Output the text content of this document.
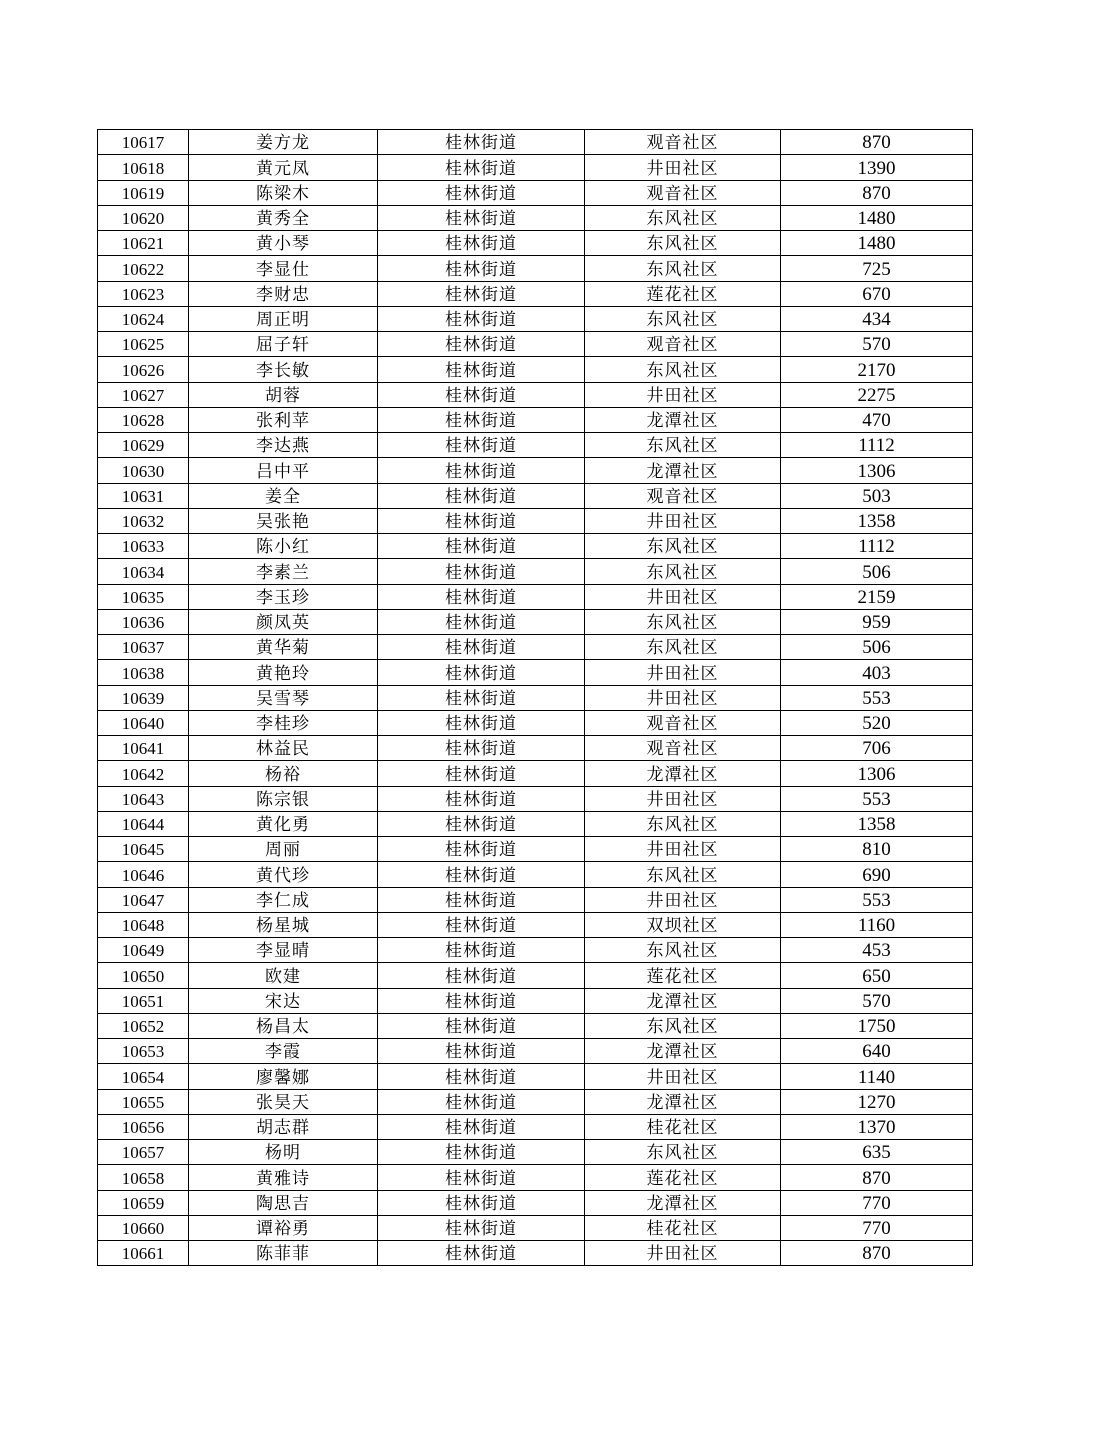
10617	姜方龙	桂林街道	观音社区	870
10618	黄元凤	桂林街道	井田社区	1390
10619	陈梁木	桂林街道	观音社区	870
10620	黄秀全	桂林街道	东风社区	1480
10621	黄小琴	桂林街道	东风社区	1480
10622	李显仕	桂林街道	东风社区	725
10623	李财忠	桂林街道	莲花社区	670
10624	周正明	桂林街道	东风社区	434
10625	屈子轩	桂林街道	观音社区	570
10626	李长敏	桂林街道	东风社区	2170
10627	胡蓉	桂林街道	井田社区	2275
10628	张利苹	桂林街道	龙潭社区	470
10629	李达燕	桂林街道	东风社区	1112
10630	吕中平	桂林街道	龙潭社区	1306
10631	姜全	桂林街道	观音社区	503
10632	吴张艳	桂林街道	井田社区	1358
10633	陈小红	桂林街道	东风社区	1112
10634	李素兰	桂林街道	东风社区	506
10635	李玉珍	桂林街道	井田社区	2159
10636	颜凤英	桂林街道	东风社区	959
10637	黄华菊	桂林街道	东风社区	506
10638	黄艳玲	桂林街道	井田社区	403
10639	吴雪琴	桂林街道	井田社区	553
10640	李桂珍	桂林街道	观音社区	520
10641	林益民	桂林街道	观音社区	706
10642	杨裕	桂林街道	龙潭社区	1306
10643	陈宗银	桂林街道	井田社区	553
10644	黄化勇	桂林街道	东风社区	1358
10645	周丽	桂林街道	井田社区	810
10646	黄代珍	桂林街道	东风社区	690
10647	李仁成	桂林街道	井田社区	553
10648	杨星城	桂林街道	双坝社区	1160
10649	李显晴	桂林街道	东风社区	453
10650	欧建	桂林街道	莲花社区	650
10651	宋达	桂林街道	龙潭社区	570
10652	杨昌太	桂林街道	东风社区	1750
10653	李霞	桂林街道	龙潭社区	640
10654	廖馨娜	桂林街道	井田社区	1140
10655	张昊天	桂林街道	龙潭社区	1270
10656	胡志群	桂林街道	桂花社区	1370
10657	杨明	桂林街道	东风社区	635
10658	黄雅诗	桂林街道	莲花社区	870
10659	陶思吉	桂林街道	龙潭社区	770
10660	谭裕勇	桂林街道	桂花社区	770
10661	陈菲菲	桂林街道	井田社区	870
